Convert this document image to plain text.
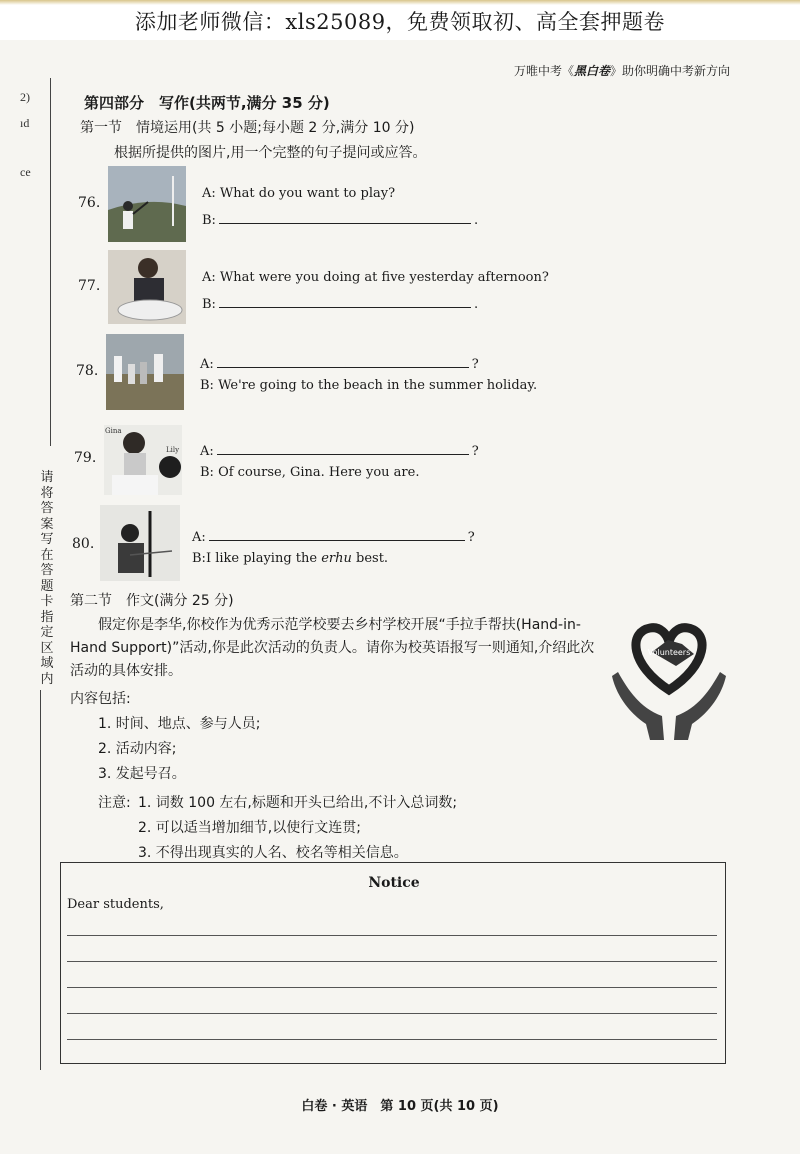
添加老师微信：xls25089，免费领取初、高全套押题卷
万唯中考《黑白卷》助你明确中考新方向
2)
ıd
ce
请将答案写在答题卡指定区域内
第四部分　写作(共两节,满分 35 分)
第一节　情境运用(共 5 小题;每小题 2 分,满分 10 分)
根据所提供的图片,用一个完整的句子提问或应答。
76.
A: What do you want to play?
B:	.
77.
A: What were you doing at five yesterday afternoon?
B:	.
78.	A:	?
B: We're going to the beach in the summer holiday.
79.
Gina
Lily A:	?
B: Of course, Gina. Here you are.
80.	A:	?
B:I like playing the erhu best.
第二节　作文(满分 25 分)
假定你是李华,你校作为优秀示范学校要去乡村学校开展“手拉手帮扶(Hand-in-Hand Support)”活动,你是此次活动的负责人。请你为校英语报写一则通知,介绍此次活动的具体安排。
内容包括:
1. 时间、地点、参与人员;
2. 活动内容;
3. 发起号召。
注意: 1. 词数 100 左右,标题和开头已给出,不计入总词数;
2. 可以适当增加细节,以使行文连贯;
3. 不得出现真实的人名、校名等相关信息。
Volunteers
Notice
Dear students,
白卷 · 英语　第 10 页(共 10 页)
